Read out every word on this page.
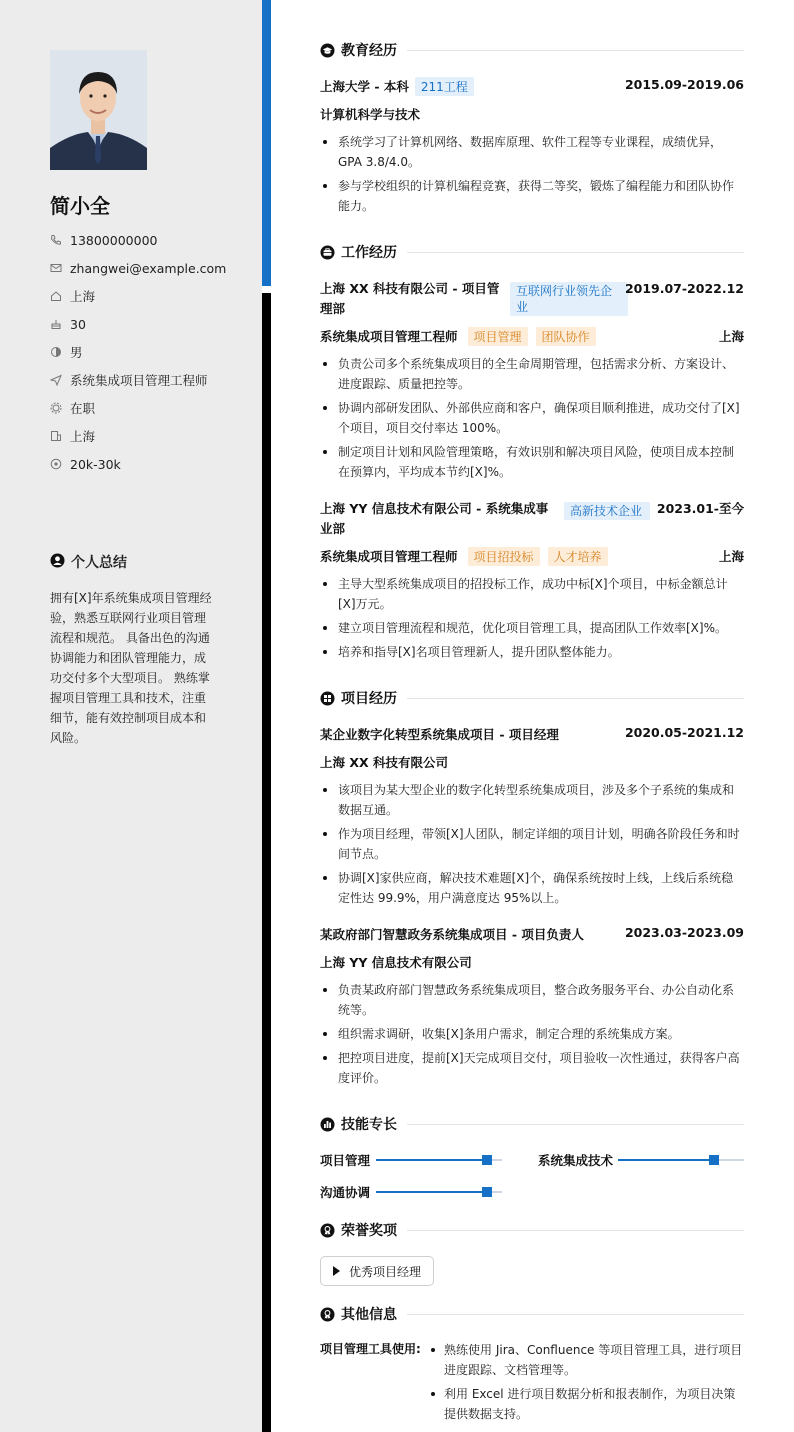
简小全
13800000000
zhangwei@example.com
上海
30
男
系统集成项目管理工程师
在职
上海
20k-30k
个人总结
拥有[X]年系统集成项目管理经验，熟悉互联网行业项目管理流程和规范。 具备出色的沟通协调能力和团队管理能力，成功交付多个大型项目。 熟练掌握项目管理工具和技术，注重细节，能有效控制项目成本和风险。
教育经历
上海大学 - 本科 211工程	2015.09-2019.06
计算机科学与技术
系统学习了计算机网络、数据库原理、软件工程等专业课程，成绩优异，GPA 3.8/4.0。
参与学校组织的计算机编程竞赛，获得二等奖，锻炼了编程能力和团队协作能力。
工作经历
上海 XX 科技有限公司 - 项目管理部
互联网行业领先企业
2019.07-2022.12
系统集成项目管理工程师 项目管理 团队协作	上海
负责公司多个系统集成项目的全生命周期管理，包括需求分析、方案设计、进度跟踪、质量把控等。
协调内部研发团队、外部供应商和客户，确保项目顺利推进，成功交付了[X]个项目，项目交付率达 100%。
制定项目计划和风险管理策略，有效识别和解决项目风险，使项目成本控制在预算内，平均成本节约[X]%。
上海 YY 信息技术有限公司 - 系统集成事业部
高新技术企业	2023.01-至今
系统集成项目管理工程师 项目招投标 人才培养	上海
主导大型系统集成项目的招投标工作，成功中标[X]个项目，中标金额总计[X]万元。
建立项目管理流程和规范，优化项目管理工具，提高团队工作效率[X]%。
培养和指导[X]名项目管理新人，提升团队整体能力。
项目经历
某企业数字化转型系统集成项目 - 项目经理	2020.05-2021.12
上海 XX 科技有限公司
该项目为某大型企业的数字化转型系统集成项目，涉及多个子系统的集成和数据互通。
作为项目经理，带领[X]人团队，制定详细的项目计划，明确各阶段任务和时间节点。
协调[X]家供应商，解决技术难题[X]个，确保系统按时上线，上线后系统稳定性达 99.9%，用户满意度达 95%以上。
某政府部门智慧政务系统集成项目 - 项目负责人	2023.03-2023.09
上海 YY 信息技术有限公司
负责某政府部门智慧政务系统集成项目，整合政务服务平台、办公自动化系统等。
组织需求调研，收集[X]条用户需求，制定合理的系统集成方案。
把控项目进度，提前[X]天完成项目交付，项目验收一次性通过，获得客户高度评价。
技能专长
项目管理	系统集成技术
沟通协调
荣誉奖项
优秀项目经理
其他信息
项目管理工具使用:	熟练使用 Jira、Confluence 等项目管理工具，进行项目进度跟踪、文档管理等。
利用 Excel 进行项目数据分析和报表制作，为项目决策提供数据支持。
